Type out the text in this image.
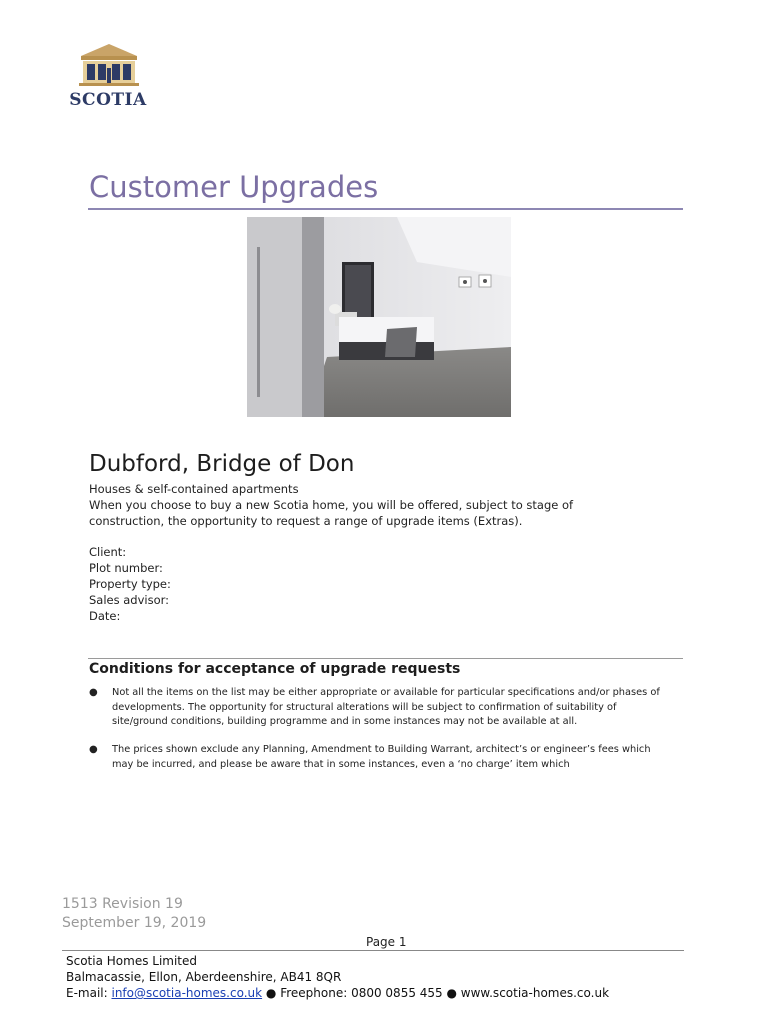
SCOTIA
Customer Upgrades
Dubford, Bridge of Don
Houses & self-contained apartments
When you choose to buy a new Scotia home, you will be offered, subject to stage of construction, the opportunity to request a range of upgrade items (Extras).
Client:
Plot number:
Property type:
Sales advisor:
Date:
Conditions for acceptance of upgrade requests
● Not all the items on the list may be either appropriate or available for particular specifications and/or phases of developments. The opportunity for structural alterations will be subject to confirmation of suitability of site/ground conditions, building programme and in some instances may not be available at all.
● The prices shown exclude any Planning, Amendment to Building Warrant, architect’s or engineer’s fees which may be incurred, and please be aware that in some instances, even a ‘no charge’ item which
1513 Revision 19
September 19, 2019
Page 1
Scotia Homes Limited
Balmacassie, Ellon, Aberdeenshire, AB41 8QR
E-mail: info@scotia-homes.co.uk ● Freephone: 0800 0855 455 ● www.scotia-homes.co.uk
